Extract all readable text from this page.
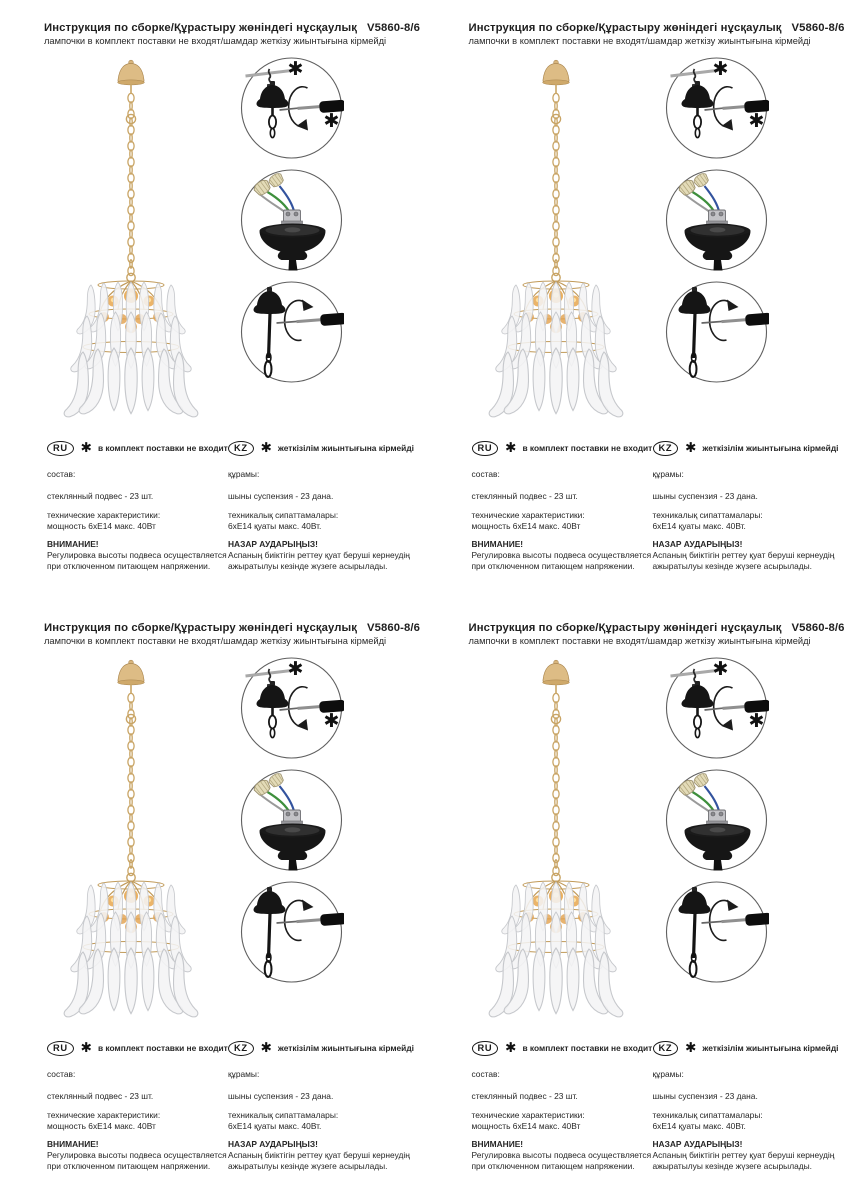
Инструкция по сборке/Құрастыру жөніндегі нұсқаулық V5860-8/6
лампочки в комплект поставки не входят/шамдар жеткізу жиынтығына кірмейді
✱
✱
RU ✱ в комплект поставки не входит
состав:
стеклянный подвес - 23 шт.
технические характеристики:
мощность 6хЕ14 макс. 40Вт
ВНИМАНИЕ!
Регулировка высоты подвеса осуществляется при отключенном питающем напряжении.
KZ ✱ жеткізілім жиынтығына кірмейді
құрамы:
шыны суспензия - 23 дана.
техникалық сипаттамалары:
6хЕ14 қуаты макс. 40Вт.
НАЗАР АУДАРЫҢЫЗ!
Аспаның биіктігін реттеу қуат беруші кернеудің ажыратылуы кезінде жүзеге асырылады.
Инструкция по сборке/Құрастыру жөніндегі нұсқаулық V5860-8/6
лампочки в комплект поставки не входят/шамдар жеткізу жиынтығына кірмейді
✱
✱
RU ✱ в комплект поставки не входит
состав:
стеклянный подвес - 23 шт.
технические характеристики:
мощность 6хЕ14 макс. 40Вт
ВНИМАНИЕ!
Регулировка высоты подвеса осуществляется при отключенном питающем напряжении.
KZ ✱ жеткізілім жиынтығына кірмейді
құрамы:
шыны суспензия - 23 дана.
техникалық сипаттамалары:
6хЕ14 қуаты макс. 40Вт.
НАЗАР АУДАРЫҢЫЗ!
Аспаның биіктігін реттеу қуат беруші кернеудің ажыратылуы кезінде жүзеге асырылады.
Инструкция по сборке/Құрастыру жөніндегі нұсқаулық V5860-8/6
лампочки в комплект поставки не входят/шамдар жеткізу жиынтығына кірмейді
✱
✱
RU ✱ в комплект поставки не входит
состав:
стеклянный подвес - 23 шт.
технические характеристики:
мощность 6хЕ14 макс. 40Вт
ВНИМАНИЕ!
Регулировка высоты подвеса осуществляется при отключенном питающем напряжении.
KZ ✱ жеткізілім жиынтығына кірмейді
құрамы:
шыны суспензия - 23 дана.
техникалық сипаттамалары:
6хЕ14 қуаты макс. 40Вт.
НАЗАР АУДАРЫҢЫЗ!
Аспаның биіктігін реттеу қуат беруші кернеудің ажыратылуы кезінде жүзеге асырылады.
Инструкция по сборке/Құрастыру жөніндегі нұсқаулық V5860-8/6
лампочки в комплект поставки не входят/шамдар жеткізу жиынтығына кірмейді
✱
✱
RU ✱ в комплект поставки не входит
состав:
стеклянный подвес - 23 шт.
технические характеристики:
мощность 6хЕ14 макс. 40Вт
ВНИМАНИЕ!
Регулировка высоты подвеса осуществляется при отключенном питающем напряжении.
KZ ✱ жеткізілім жиынтығына кірмейді
құрамы:
шыны суспензия - 23 дана.
техникалық сипаттамалары:
6хЕ14 қуаты макс. 40Вт.
НАЗАР АУДАРЫҢЫЗ!
Аспаның биіктігін реттеу қуат беруші кернеудің ажыратылуы кезінде жүзеге асырылады.
